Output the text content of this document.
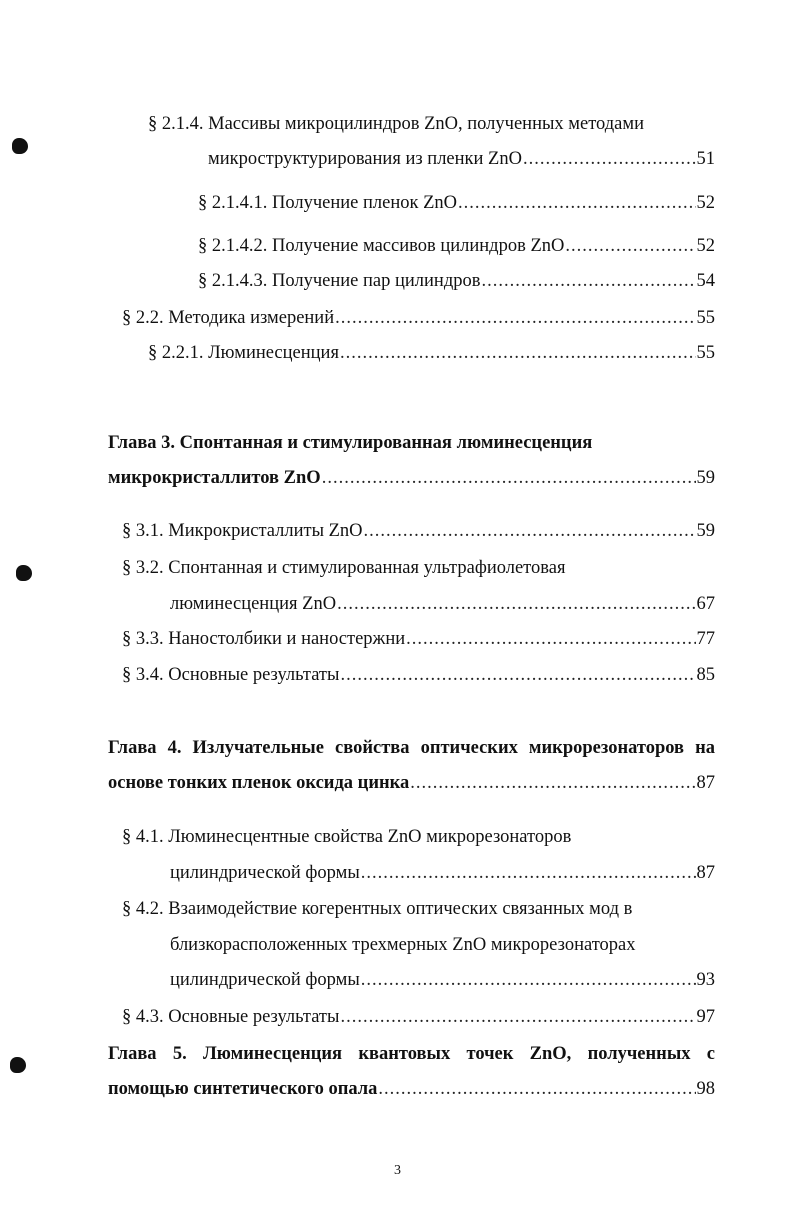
§ 2.1.4. Массивы микроцилиндров ZnO, полученных методами
микроструктурирования из пленки ZnO .....	51
§ 2.1.4.1. Получение пленок ZnO .....	52
§ 2.1.4.2. Получение массивов цилиндров ZnO .....	52
§ 2.1.4.3. Получение пар цилиндров .....	54
§ 2.2. Методика измерений .....	55
§ 2.2.1. Люминесценция .....	55
Глава 3. Спонтанная и стимулированная люминесценция
микрокристаллитов ZnO .....	59
§ 3.1. Микрокристаллиты ZnO .....	59
§ 3.2. Спонтанная и стимулированная ультрафиолетовая
люминесценция ZnO .....	67
§ 3.3. Наностолбики и наностержни .....	77
§ 3.4. Основные результаты .....	85
Глава 4. Излучательные свойства оптических микрорезонаторов на
основе тонких пленок оксида цинка .....	87
§ 4.1. Люминесцентные свойства ZnO микрорезонаторов
цилиндрической формы .....	87
§ 4.2. Взаимодействие когерентных оптических связанных мод в
близкорасположенных трехмерных ZnO микрорезонаторах
цилиндрической формы .....	93
§ 4.3. Основные результаты .....	97
Глава 5. Люминесценция квантовых точек ZnO, полученных с
помощью синтетического опала .....	98
3
